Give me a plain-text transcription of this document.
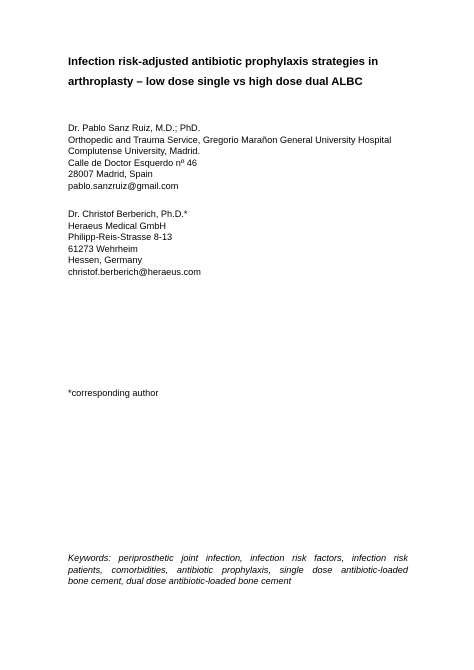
Infection risk-adjusted antibiotic prophylaxis strategies in
arthroplasty – low dose single vs high dose dual ALBC
Dr. Pablo Sanz Ruiz, M.D.; PhD.
Orthopedic and Trauma Service, Gregorio Marañon General University Hospital
Complutense University, Madrid.
Calle de Doctor Esquerdo nº 46
28007 Madrid, Spain
pablo.sanzruiz@gmail.com
Dr. Christof Berberich, Ph.D.*
Heraeus Medical GmbH
Philipp-Reis-Strasse 8-13
61273 Wehrheim
Hessen, Germany
christof.berberich@heraeus.com
*corresponding author
Keywords: periprosthetic joint infection, infection risk factors, infection risk
patients, comorbidities, antibiotic prophylaxis, single dose antibiotic-loaded
bone cement, dual dose antibiotic-loaded bone cement
